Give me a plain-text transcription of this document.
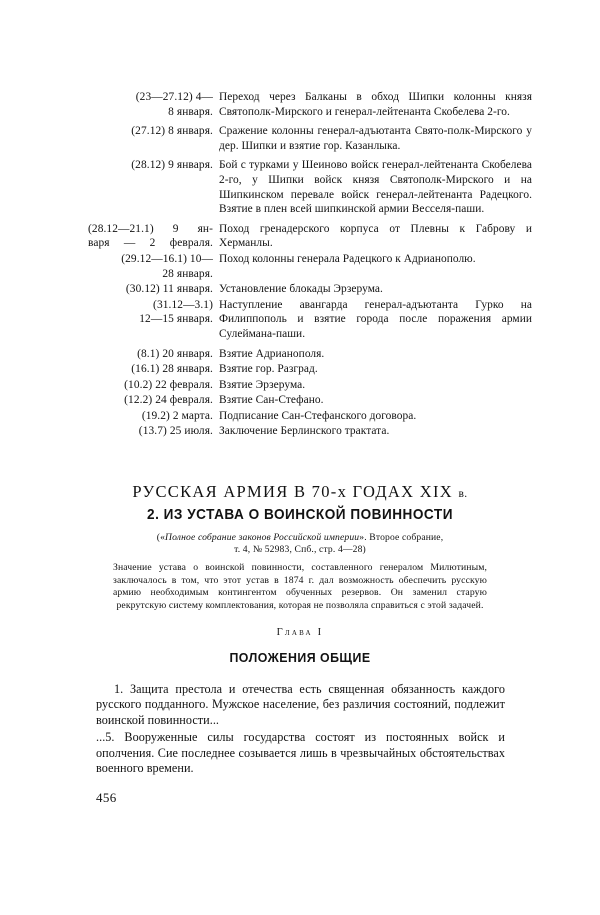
(23—27.12) 4—
8 января.
Переход через Балканы в обход Шипки колонны князя Святополк-Мирского и генерал-лейтенанта Скобелева 2-го.
(27.12) 8 января. Сражение колонны генерал-адъютанта Свято-полк-Мирского у дер. Шипки и взятие гор. Казанлыка.
(28.12) 9 января. Бой с турками у Шеиново войск генерал-лейтенанта Скобелева 2-го, у Шипки войск князя Святополк-Мирского и на Шипкинском перевале войск генерал-лейтенанта Радецкого. Взятие в плен всей шипкинской армии Весселя-паши.
(28.12—21.1) 9 ян-
варя — 2 февраля.
Поход гренадерского корпуса от Плевны к Габрову и Херманлы.
(29.12—16.1) 10—
28 января.
Поход колонны генерала Радецкого к Адрианополю.
(30.12) 11 января. Установление блокады Эрзерума.
(31.12—3.1)
12—15 января.
Наступление авангарда генерал-адъютанта Гурко на Филиппополь и взятие города после поражения армии Сулеймана-паши.
(8.1) 20 января. Взятие Адрианополя.
(16.1) 28 января. Взятие гор. Разград.
(10.2) 22 февраля. Взятие Эрзерума.
(12.2) 24 февраля. Взятие Сан-Стефано.
(19.2) 2 марта. Подписание Сан-Стефанского договора.
(13.7) 25 июля. Заключение Берлинского трактата.
РУССКАЯ АРМИЯ В 70-х ГОДАХ XIX в.
2. ИЗ УСТАВА О ВОИНСКОЙ ПОВИННОСТИ
(«Полное собрание законов Российской империи». Второе собрание,
т. 4, № 52983, Спб., стр. 4—28)
Значение устава о воинской повинности, составленного генералом Милютиным, заключалось в том, что этот устав в 1874 г. дал возможность обеспечить русскую армию необходимым контингентом обученных резервов. Он заменил старую рекрутскую систему комплектования, которая не позволяла справиться с этой задачей.
Глава I
ПОЛОЖЕНИЯ ОБЩИЕ

1. Защита престола и отечества есть священная обязанность каждого русского подданного. Мужское население, без различия состояний, подлежит воинской повинности...

...5. Вооруженные силы государства состоят из постоянных войск и ополчения. Сие последнее созывается лишь в чрезвычайных обстоятельствах военного времени.

456
